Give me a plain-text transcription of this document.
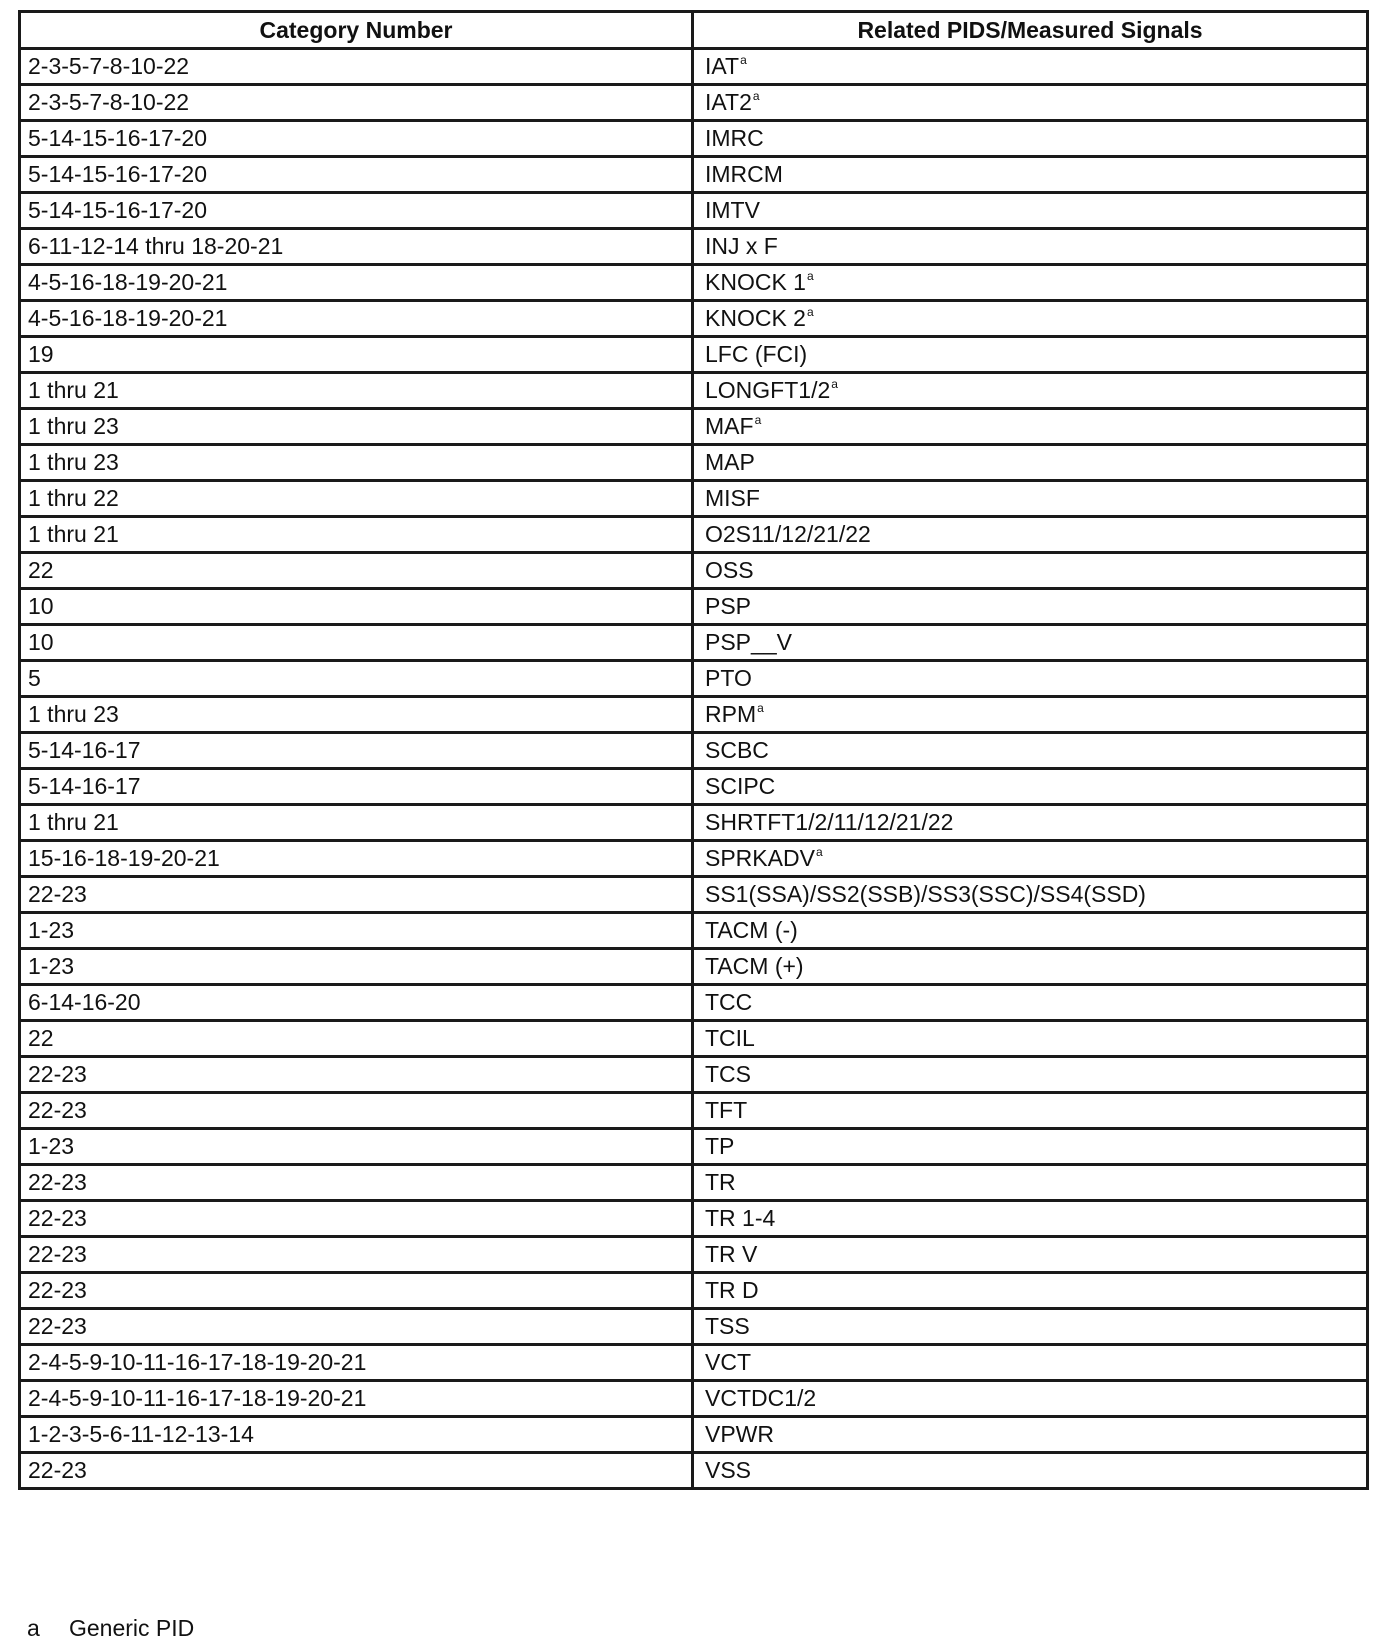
Category Number	Related PIDS/Measured Signals
2-3-5-7-8-10-22	IAT$^a$
2-3-5-7-8-10-22	IAT2$^a$
5-14-15-16-17-20	IMRC
5-14-15-16-17-20	IMRCM
5-14-15-16-17-20	IMTV
6-11-12-14 thru 18-20-21	INJ x F
4-5-16-18-19-20-21	KNOCK 1$^a$
4-5-16-18-19-20-21	KNOCK 2$^a$
19	LFC (FCI)
1 thru 21	LONGFT1/2$^a$
1 thru 23	MAF$^a$
1 thru 23	MAP
1 thru 22	MISF
1 thru 21	O2S11/12/21/22
22	OSS
10	PSP
10	PSP__V
5	PTO
1 thru 23	RPM$^a$
5-14-16-17	SCBC
5-14-16-17	SCIPC
1 thru 21	SHRTFT1/2/11/12/21/22
15-16-18-19-20-21	SPRKADV$^a$
22-23	SS1(SSA)/SS2(SSB)/SS3(SSC)/SS4(SSD)
1-23	TACM (-)
1-23	TACM (+)
6-14-16-20	TCC
22	TCIL
22-23	TCS
22-23	TFT
1-23	TP
22-23	TR
22-23	TR 1-4
22-23	TR V
22-23	TR D
22-23	TSS
2-4-5-9-10-11-16-17-18-19-20-21	VCT
2-4-5-9-10-11-16-17-18-19-20-21	VCTDC1/2
1-2-3-5-6-11-12-13-14	VPWR
22-23	VSS
a Generic PID
